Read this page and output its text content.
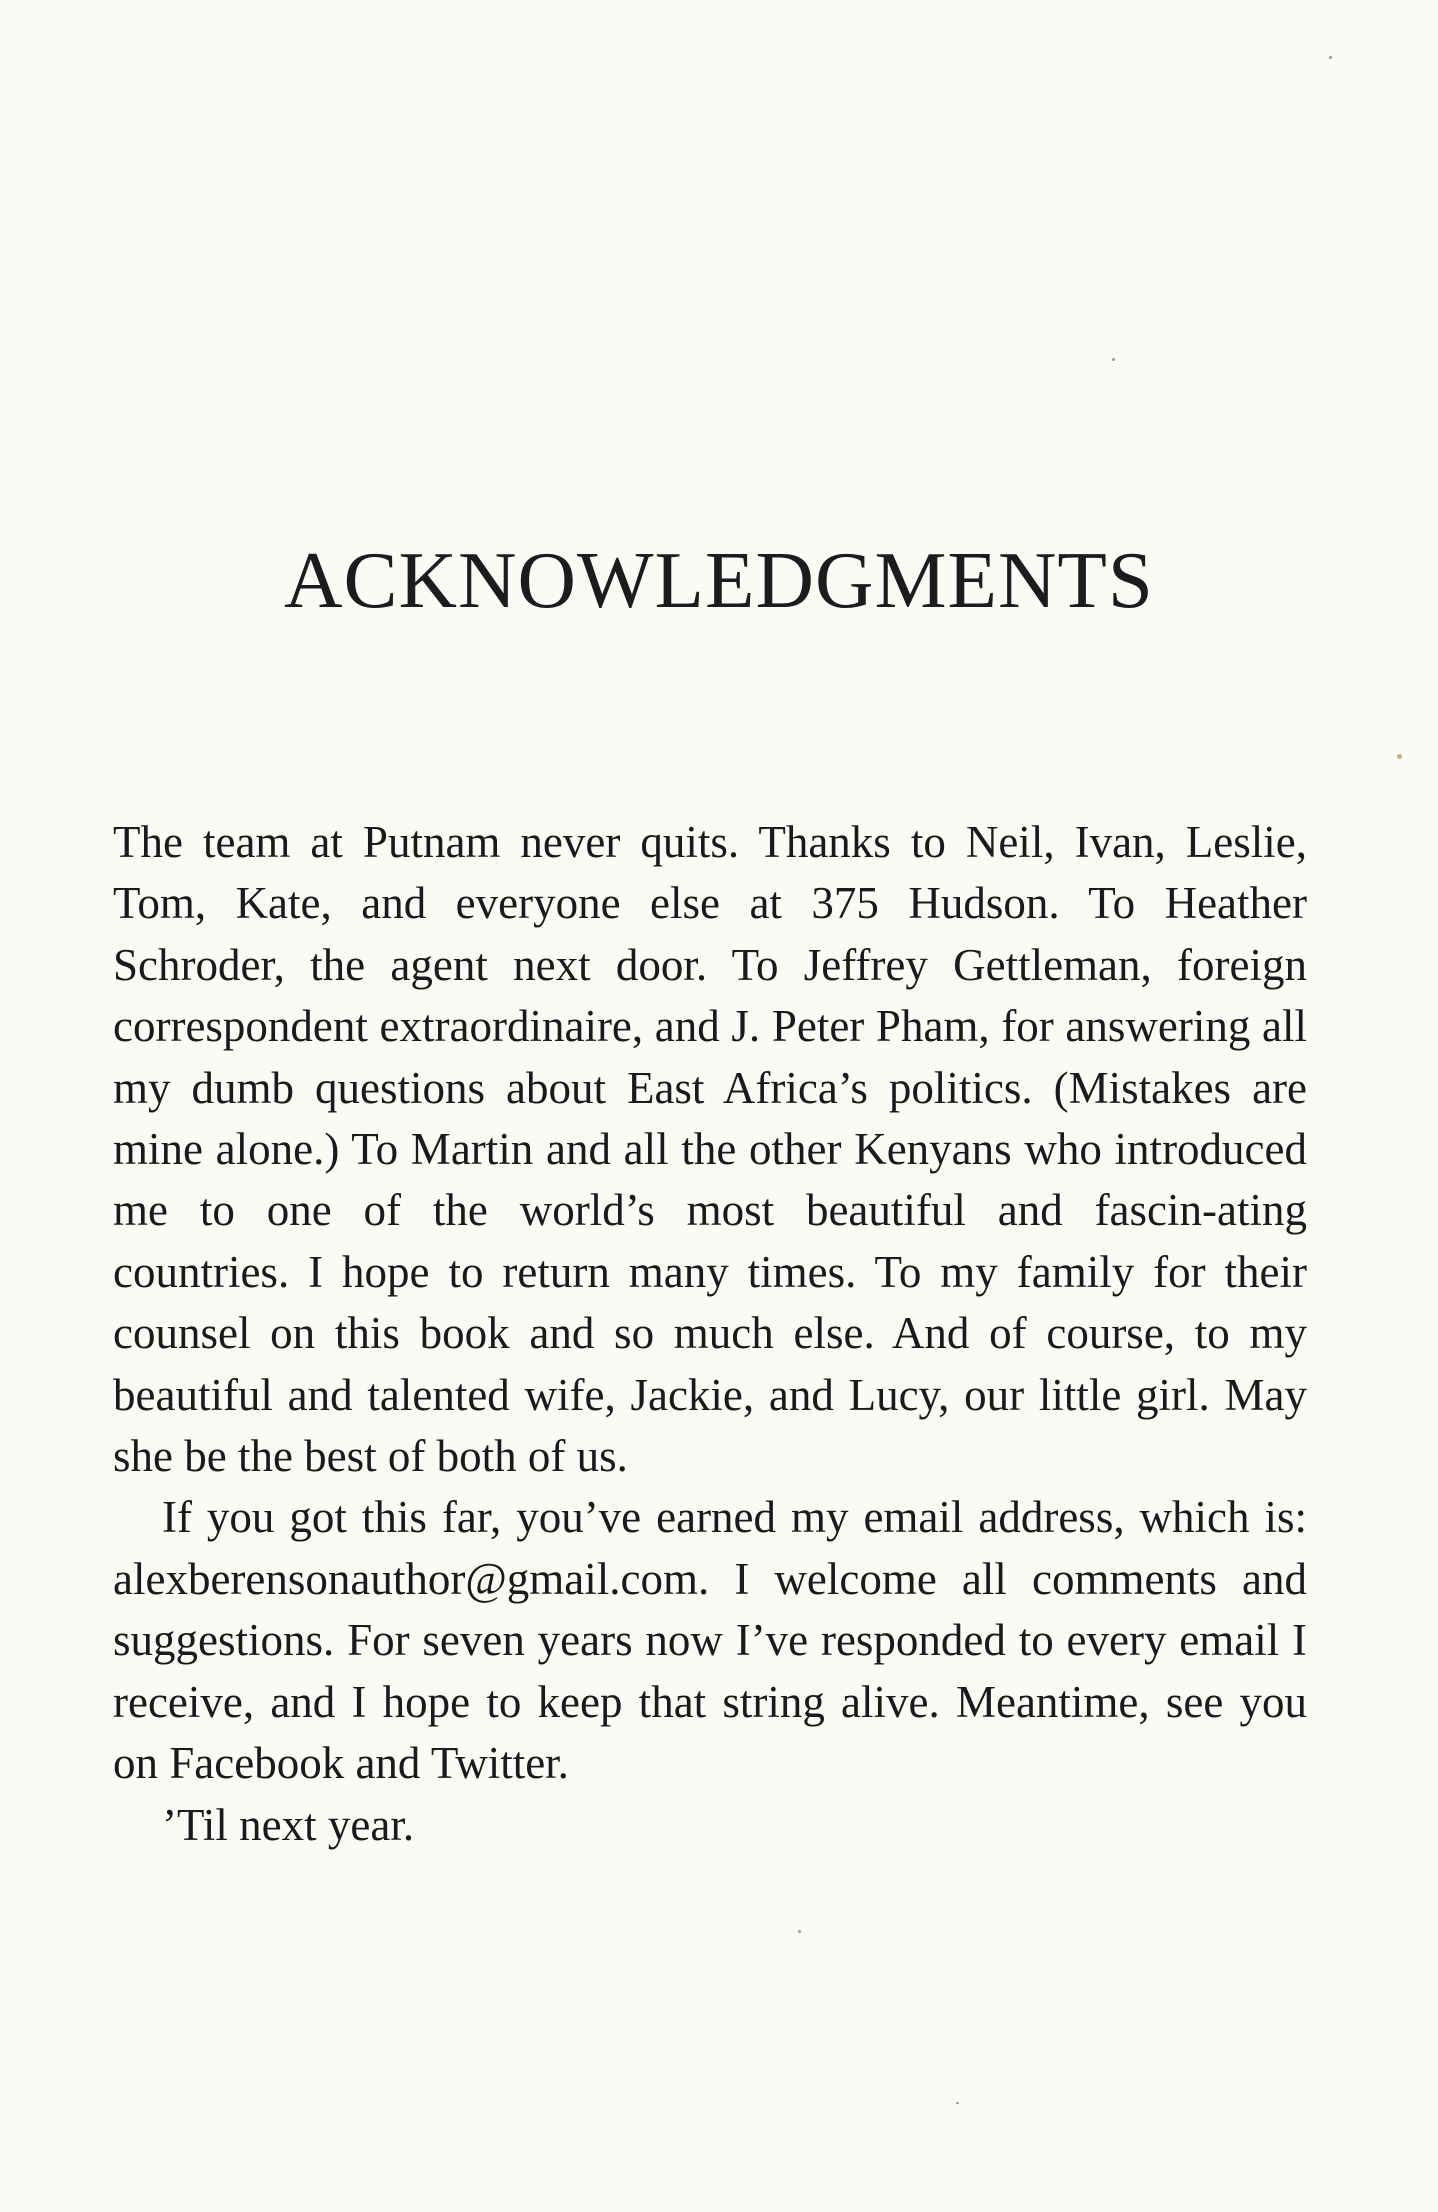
ACKNOWLEDGMENTS

The team at Putnam never quits. Thanks to Neil, Ivan, Leslie, Tom, Kate, and everyone else at 375 Hudson. To Heather Schroder, the agent next door. To Jeffrey Gettleman, foreign correspondent extraordinaire, and J. Peter Pham, for answering all my dumb questions about East Africa’s politics. (Mistakes are mine alone.) To Martin and all the other Kenyans who introduced me to one of the world’s most beautiful and fascin-ating countries. I hope to return many times. To my family for their counsel on this book and so much else. And of course, to my beautiful and talented wife, Jackie, and Lucy, our little girl. May she be the best of both of us.

If you got this far, you’ve earned my email address, which is: alexberensonauthor@gmail.com. I welcome all comments and suggestions. For seven years now I’ve responded to every email I receive, and I hope to keep that string alive. Meantime, see you on Facebook and Twitter.

’Til next year.
